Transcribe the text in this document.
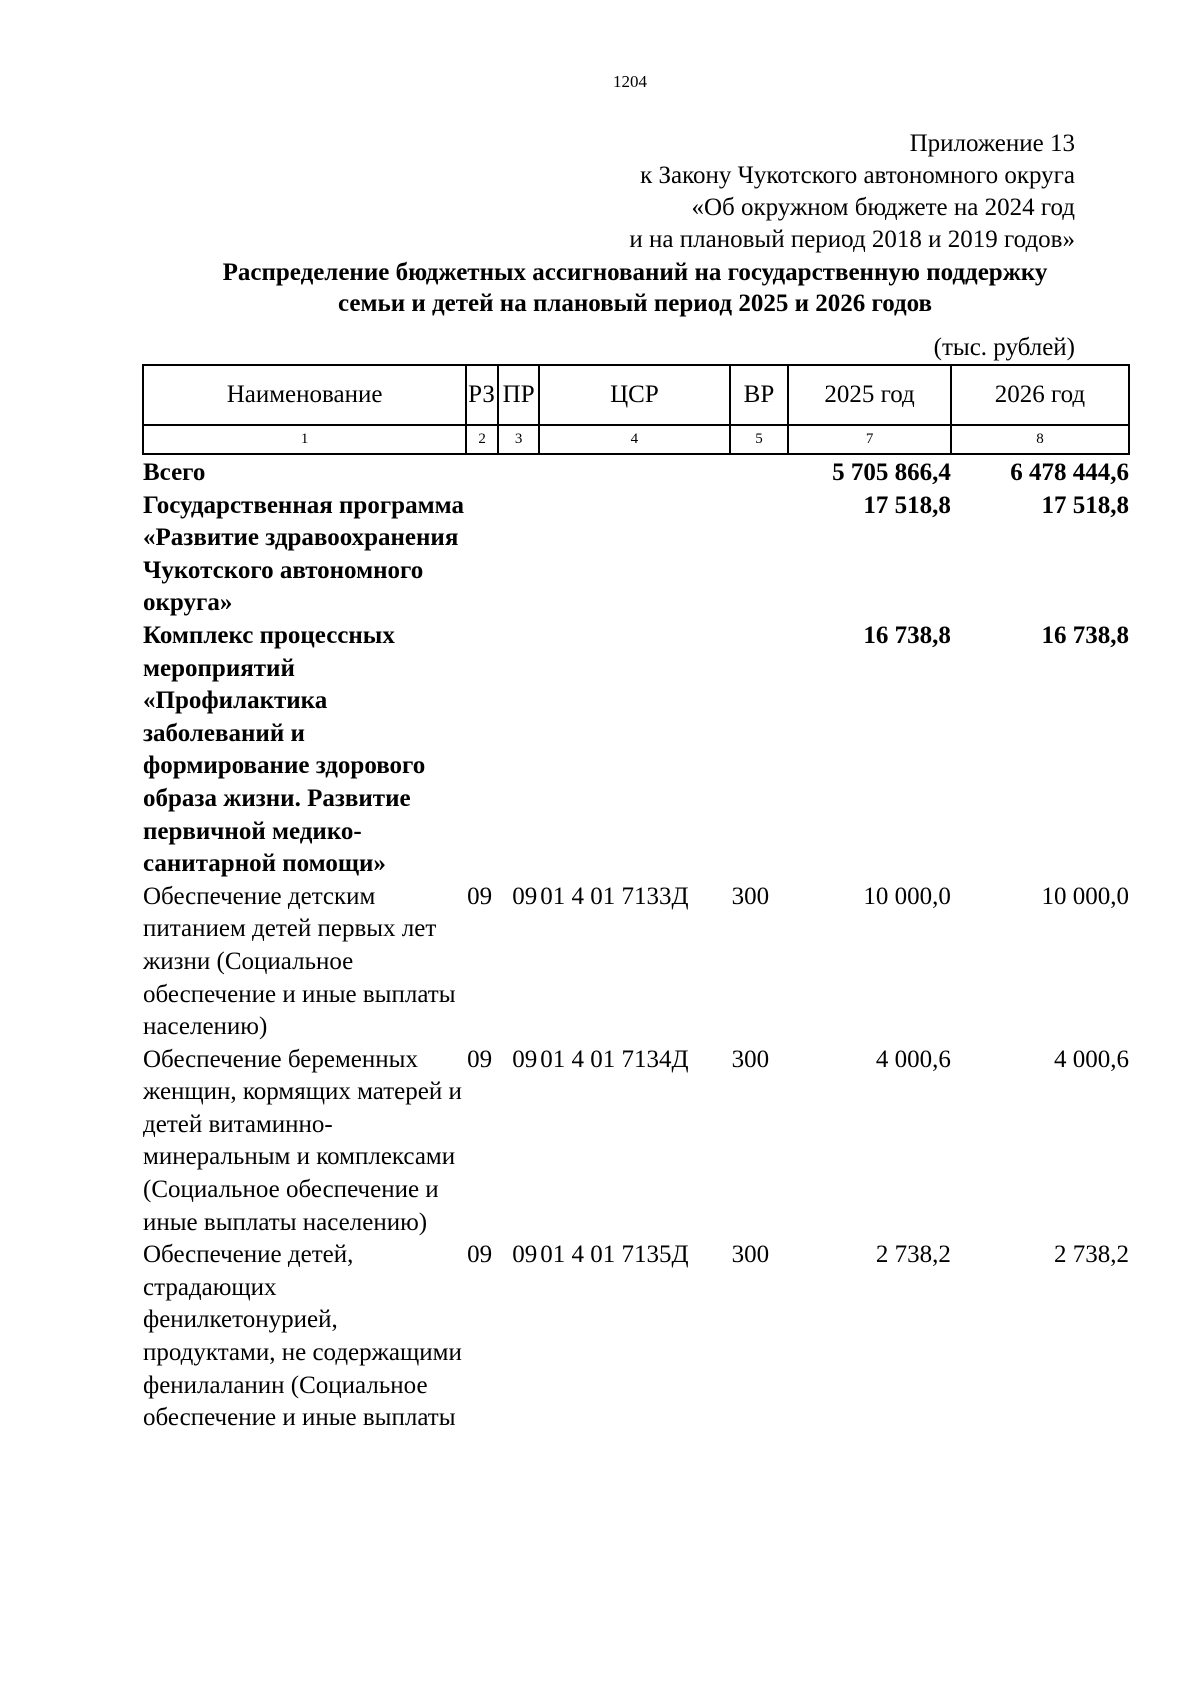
1204
Приложение 13
к Закону Чукотского автономного округа
«Об окружном бюджете на 2024 год
и на плановый период 2018 и 2019 годов»
Распределение бюджетных ассигнований на государственную поддержку
семьи и детей на плановый период 2025 и 2026 годов
(тыс. рублей)
Наименование	РЗ	ПР	ЦСР	ВР	2025 год	2026 год
1	2	3	4	5	7	8
Всего					5 705 866,4	6 478 444,6
Государственная программа «Развитие здравоохранения Чукотского автономного округа»					17 518,8	17 518,8
Комплекс процессных мероприятий «Профилактика заболеваний и формирование здорового образа жизни. Развитие первичной медико-санитарной помощи»					16 738,8	16 738,8
Обеспечение детским питанием детей первых лет жизни (Социальное обеспечение и иные выплаты населению)	09	09	01 4 01 7133Д	300	10 000,0	10 000,0
Обеспечение беременных женщин, кормящих матерей и детей витаминно-минеральным и комплексами (Социальное обеспечение и иные выплаты населению)	09	09	01 4 01 7134Д	300	4 000,6	4 000,6
Обеспечение детей, страдающих фенилкетонурией, продуктами, не содержащими фенилаланин (Социальное обеспечение и иные выплаты	09	09	01 4 01 7135Д	300	2 738,2	2 738,2
